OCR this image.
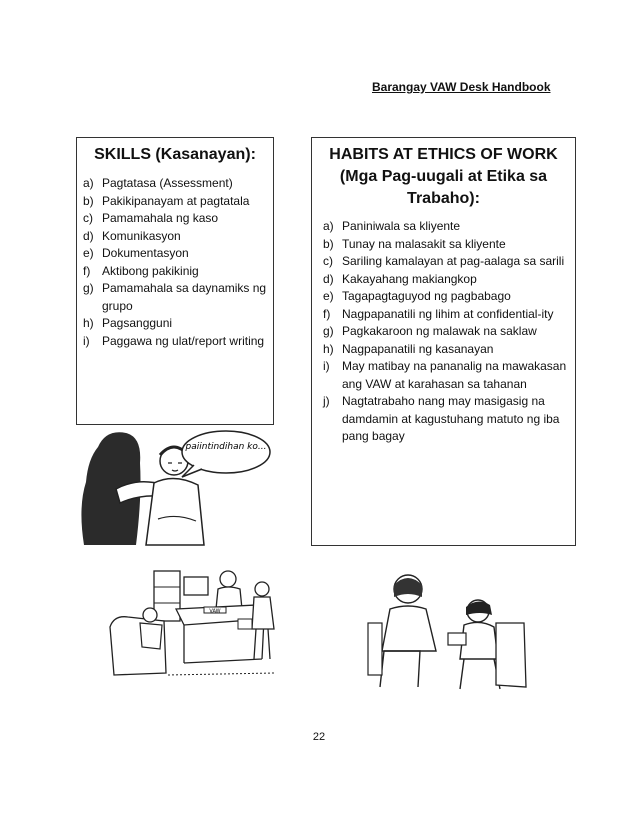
Barangay VAW Desk Handbook
SKILLS (Kasanayan):
a) Pagtatasa (Assessment)
b) Pakikipanayam at pagtatala
c) Pamamahala ng kaso
d) Komunikasyon
e) Dokumentasyon
f) Aktibong pakikinig
g) Pamamahala sa daynamiks ng grupo
h) Pagsangguni
i)	Paggawa ng ulat/report writing
HABITS AT ETHICS OF WORK (Mga Pag-uugali at Etika sa Trabaho):
a) Paniniwala sa kliyente
b) Tunay na malasakit sa kliyente
c) Sariling kamalayan at pag-aalaga sa sarili
d) Kakayahang makiangkop
e) Tagapagtaguyod ng pagbabago
f) Nagpapanatili ng lihim at confidential-ity
g) Pagkakaroon ng malawak na saklaw
h) Nagpapanatili ng kasanayan
i)	May matibay na pananalig na mawakasan ang VAW at karahasan sa tahanan
j)	Nagtatrabaho nang may masigasig na damdamin at kagustuhang matuto ng iba pang bagay
paiintindihan ko...
VAW
22
